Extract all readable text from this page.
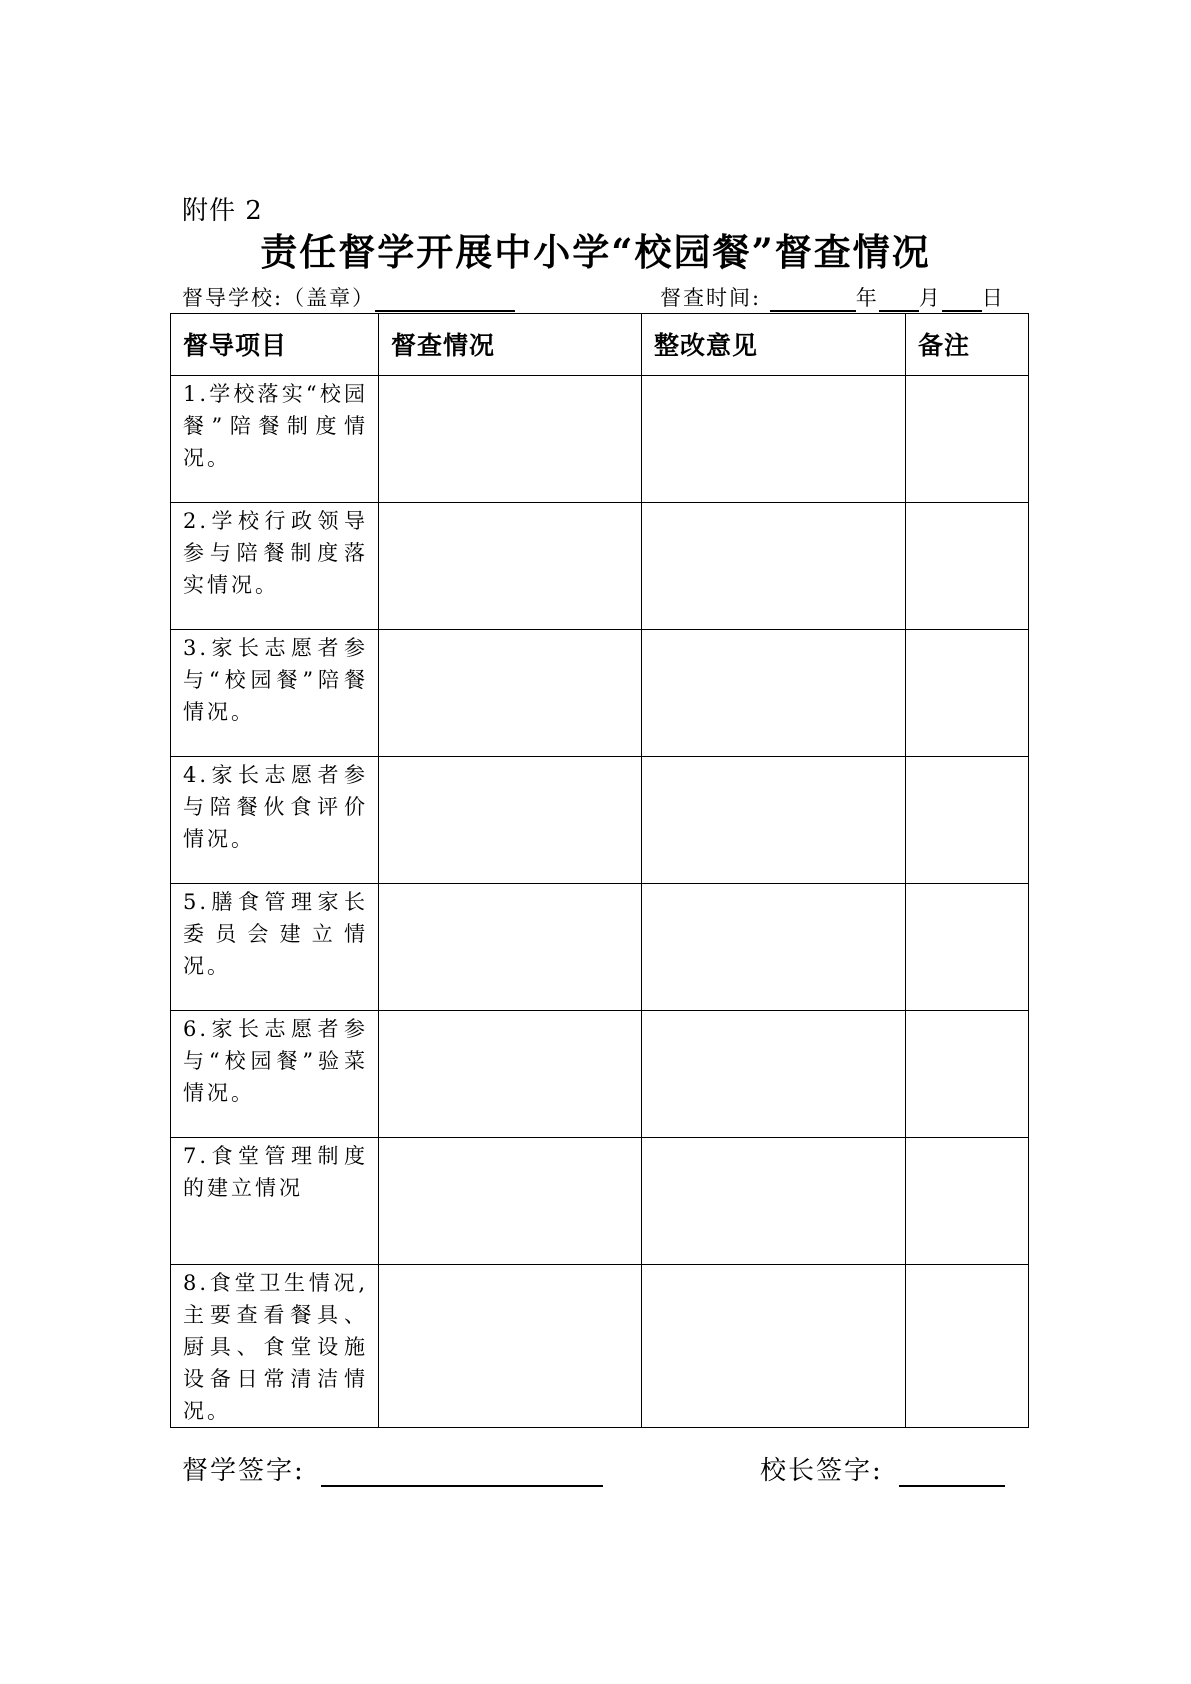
附件 2
责任督学开展中小学“校园餐”督查情况
督导学校:（盖章）	督查时间:	年 月 日
督导项目	督查情况	整改意见	备注

1.学校落实“校园餐”陪餐制度情况。			

2.学校行政领导参与陪餐制度落实情况。			

3.家长志愿者参与“校园餐”陪餐情况。			

4.家长志愿者参与陪餐伙食评价情况。			

5.膳食管理家长委员会建立情况。			

6.家长志愿者参与“校园餐”验菜情况。			

7.食堂管理制度的建立情况			

8.食堂卫生情况,主要查看餐具、厨具、食堂设施设备日常清洁情况。			

督学签字:	校长签字:
